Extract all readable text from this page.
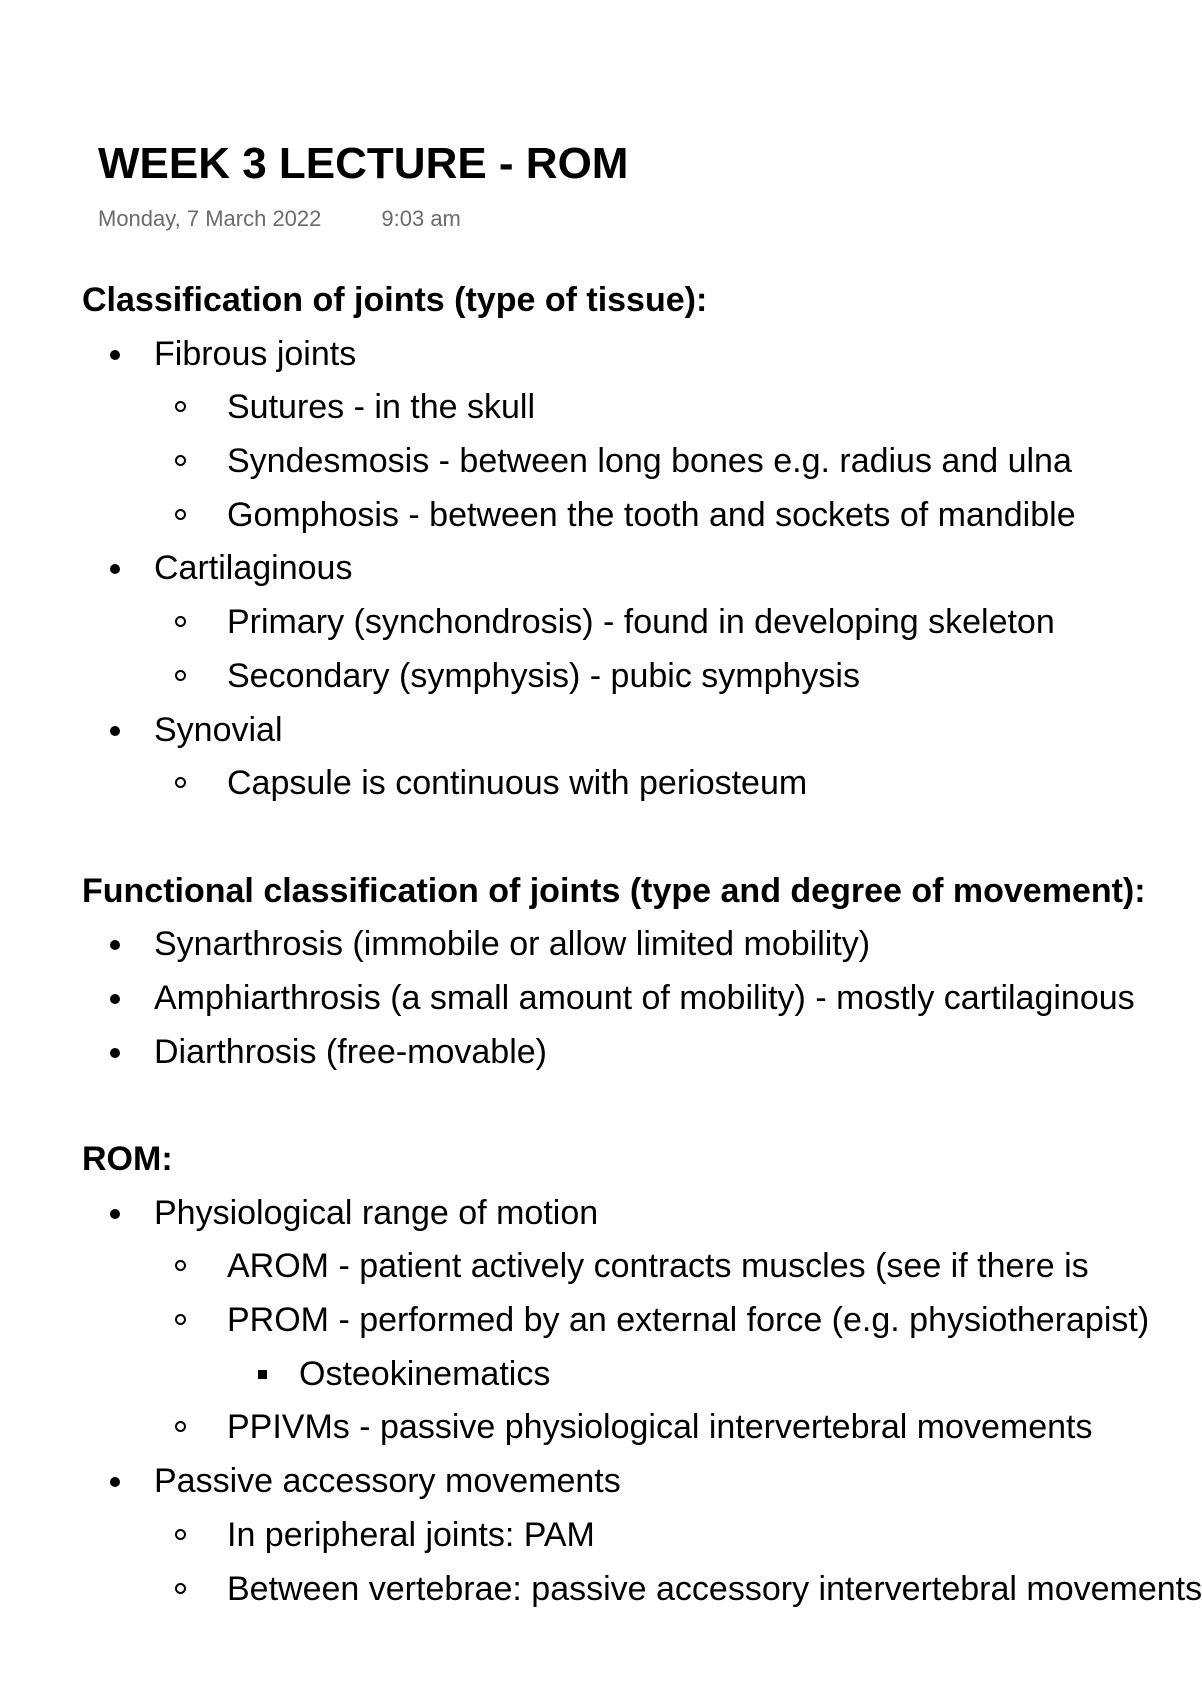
WEEK 3 LECTURE - ROM
Monday, 7 March 2022	9:03 am
Classification of joints (type of tissue):
Fibrous joints
Sutures - in the skull
Syndesmosis - between long bones e.g. radius and ulna
Gomphosis - between the tooth and sockets of mandible
Cartilaginous
Primary (synchondrosis) - found in developing skeleton
Secondary (symphysis) - pubic symphysis
Synovial
Capsule is continuous with periosteum
Functional classification of joints (type and degree of movement):
Synarthrosis (immobile or allow limited mobility)
Amphiarthrosis (a small amount of mobility) - mostly cartilaginous
Diarthrosis (free-movable)
ROM:
Physiological range of motion
AROM - patient actively contracts muscles (see if there is
PROM - performed by an external force (e.g. physiotherapist)
Osteokinematics
PPIVMs - passive physiological intervertebral movements
Passive accessory movements
In peripheral joints: PAM
Between vertebrae: passive accessory intervertebral movements
